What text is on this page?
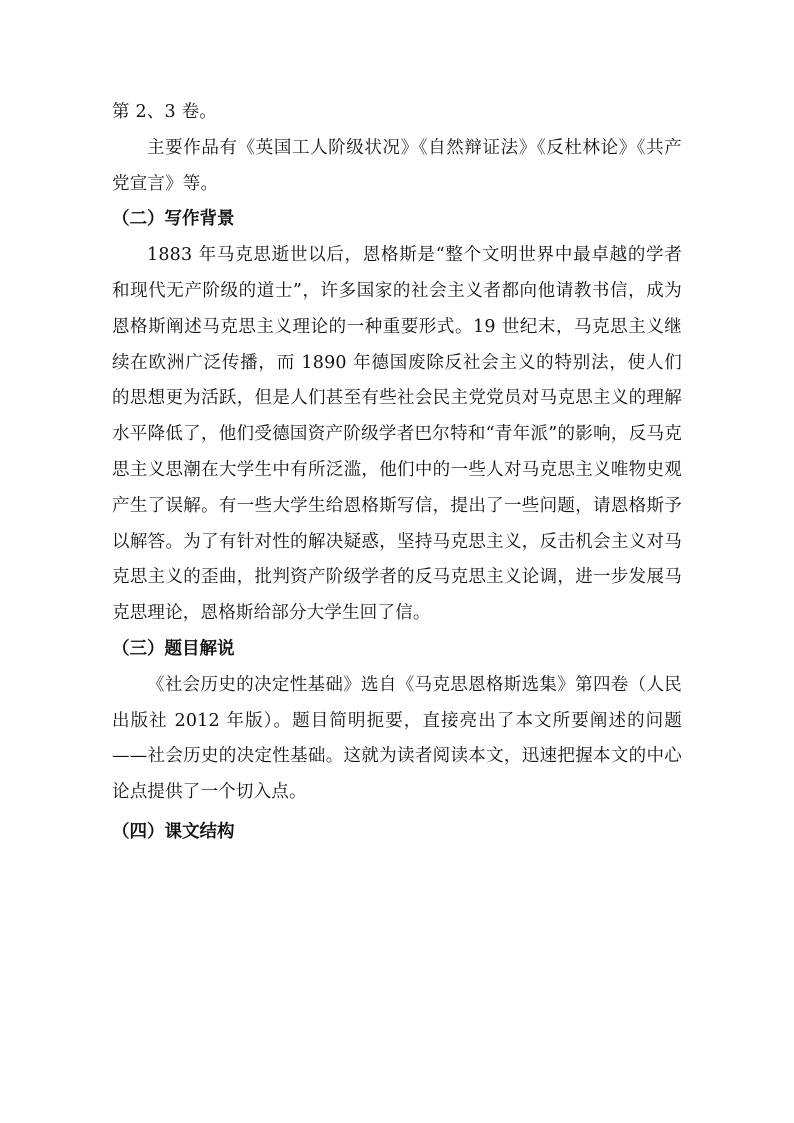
第 2、3 卷。

主要作品有《英国工人阶级状况》《自然辩证法》《反杜林论》《共产党宣言》等。

（二）写作背景

1883 年马克思逝世以后，恩格斯是“整个文明世界中最卓越的学者和现代无产阶级的道士”，许多国家的社会主义者都向他请教书信，成为恩格斯阐述马克思主义理论的一种重要形式。19 世纪末，马克思主义继续在欧洲广泛传播，而 1890 年德国废除反社会主义的特别法，使人们的思想更为活跃，但是人们甚至有些社会民主党党员对马克思主义的理解水平降低了，他们受德国资产阶级学者巴尔特和“青年派”的影响，反马克思主义思潮在大学生中有所泛滥，他们中的一些人对马克思主义唯物史观产生了误解。有一些大学生给恩格斯写信，提出了一些问题，请恩格斯予以解答。为了有针对性的解决疑惑，坚持马克思主义，反击机会主义对马克思主义的歪曲，批判资产阶级学者的反马克思主义论调，进一步发展马克思理论，恩格斯给部分大学生回了信。

（三）题目解说

《社会历史的决定性基础》选自《马克思恩格斯选集》第四卷（人民出版社 2012 年版）。题目简明扼要，直接亮出了本文所要阐述的问题——社会历史的决定性基础。这就为读者阅读本文，迅速把握本文的中心论点提供了一个切入点。

（四）课文结构
